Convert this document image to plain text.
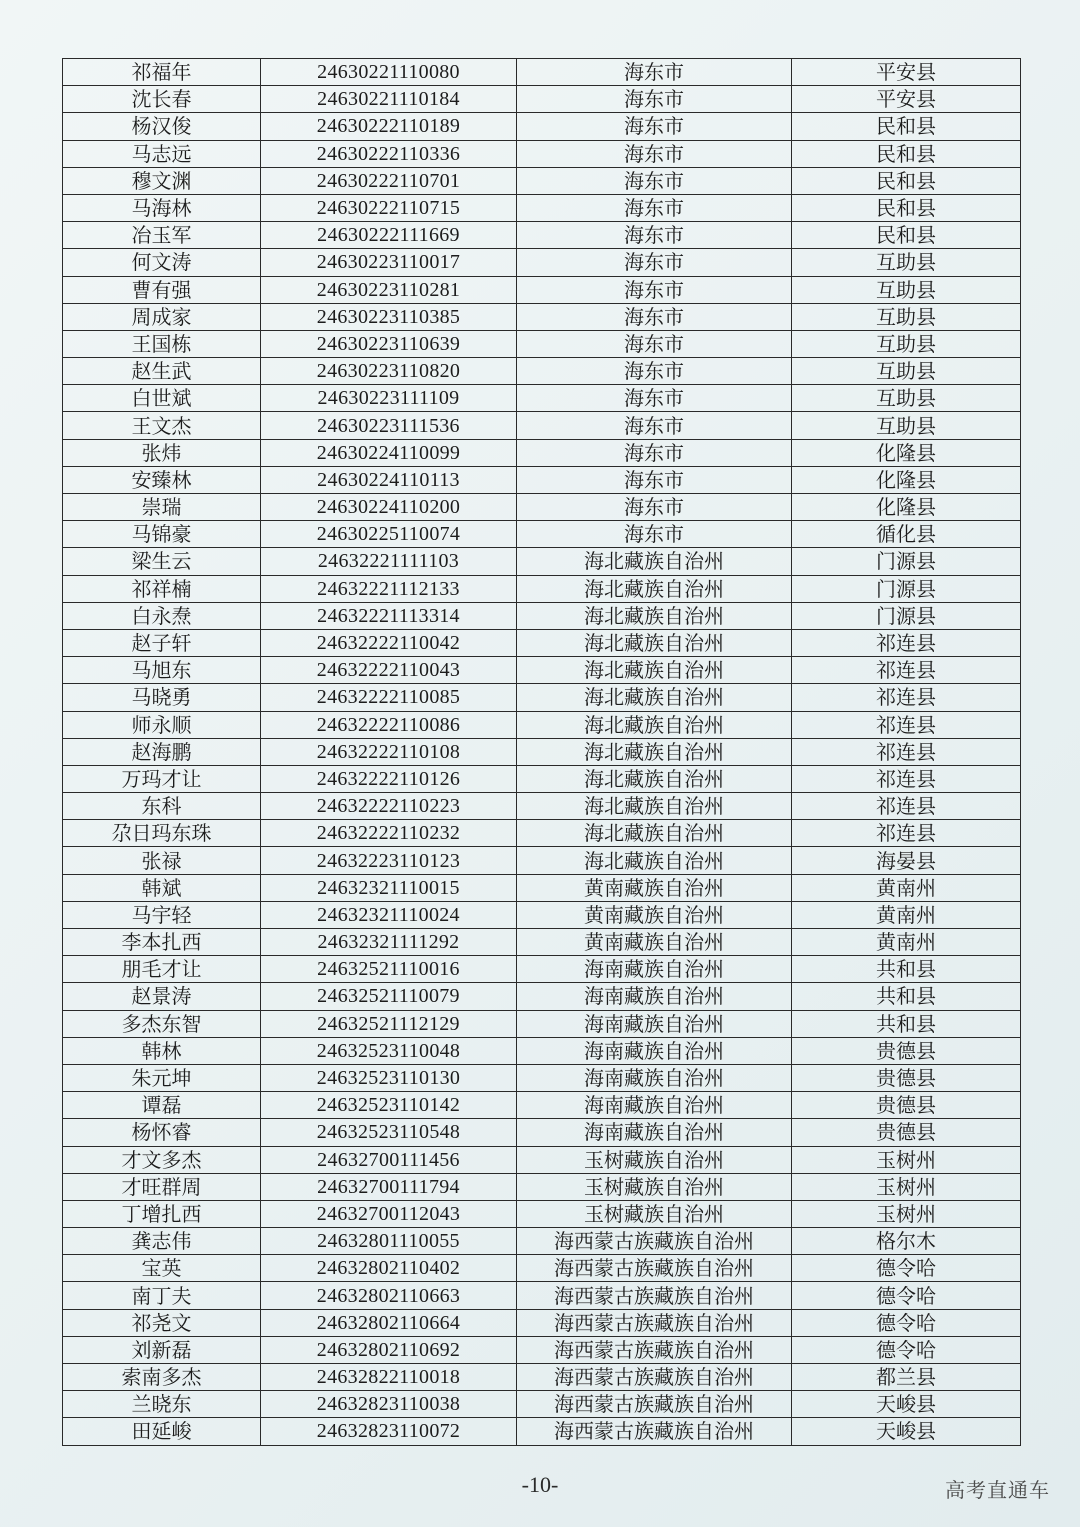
祁福年	24630221110080	海东市	平安县
沈长春	24630221110184	海东市	平安县
杨汉俊	24630222110189	海东市	民和县
马志远	24630222110336	海东市	民和县
穆文渊	24630222110701	海东市	民和县
马海林	24630222110715	海东市	民和县
冶玉军	24630222111669	海东市	民和县
何文涛	24630223110017	海东市	互助县
曹有强	24630223110281	海东市	互助县
周成家	24630223110385	海东市	互助县
王国栋	24630223110639	海东市	互助县
赵生武	24630223110820	海东市	互助县
白世斌	24630223111109	海东市	互助县
王文杰	24630223111536	海东市	互助县
张炜	24630224110099	海东市	化隆县
安臻林	24630224110113	海东市	化隆县
崇瑞	24630224110200	海东市	化隆县
马锦豪	24630225110074	海东市	循化县
梁生云	24632221111103	海北藏族自治州	门源县
祁祥楠	24632221112133	海北藏族自治州	门源县
白永焘	24632221113314	海北藏族自治州	门源县
赵子轩	24632222110042	海北藏族自治州	祁连县
马旭东	24632222110043	海北藏族自治州	祁连县
马晓勇	24632222110085	海北藏族自治州	祁连县
师永顺	24632222110086	海北藏族自治州	祁连县
赵海鹏	24632222110108	海北藏族自治州	祁连县
万玛才让	24632222110126	海北藏族自治州	祁连县
东科	24632222110223	海北藏族自治州	祁连县
尕日玛东珠	24632222110232	海北藏族自治州	祁连县
张禄	24632223110123	海北藏族自治州	海晏县
韩斌	24632321110015	黄南藏族自治州	黄南州
马宇轻	24632321110024	黄南藏族自治州	黄南州
李本扎西	24632321111292	黄南藏族自治州	黄南州
朋毛才让	24632521110016	海南藏族自治州	共和县
赵景涛	24632521110079	海南藏族自治州	共和县
多杰东智	24632521112129	海南藏族自治州	共和县
韩林	24632523110048	海南藏族自治州	贵德县
朱元坤	24632523110130	海南藏族自治州	贵德县
谭磊	24632523110142	海南藏族自治州	贵德县
杨怀睿	24632523110548	海南藏族自治州	贵德县
才文多杰	24632700111456	玉树藏族自治州	玉树州
才旺群周	24632700111794	玉树藏族自治州	玉树州
丁增扎西	24632700112043	玉树藏族自治州	玉树州
龚志伟	24632801110055	海西蒙古族藏族自治州	格尔木
宝英	24632802110402	海西蒙古族藏族自治州	德令哈
南丁夫	24632802110663	海西蒙古族藏族自治州	德令哈
祁尧文	24632802110664	海西蒙古族藏族自治州	德令哈
刘新磊	24632802110692	海西蒙古族藏族自治州	德令哈
索南多杰	24632822110018	海西蒙古族藏族自治州	都兰县
兰晓东	24632823110038	海西蒙古族藏族自治州	天峻县
田延峻	24632823110072	海西蒙古族藏族自治州	天峻县
-10-	高考直通车
